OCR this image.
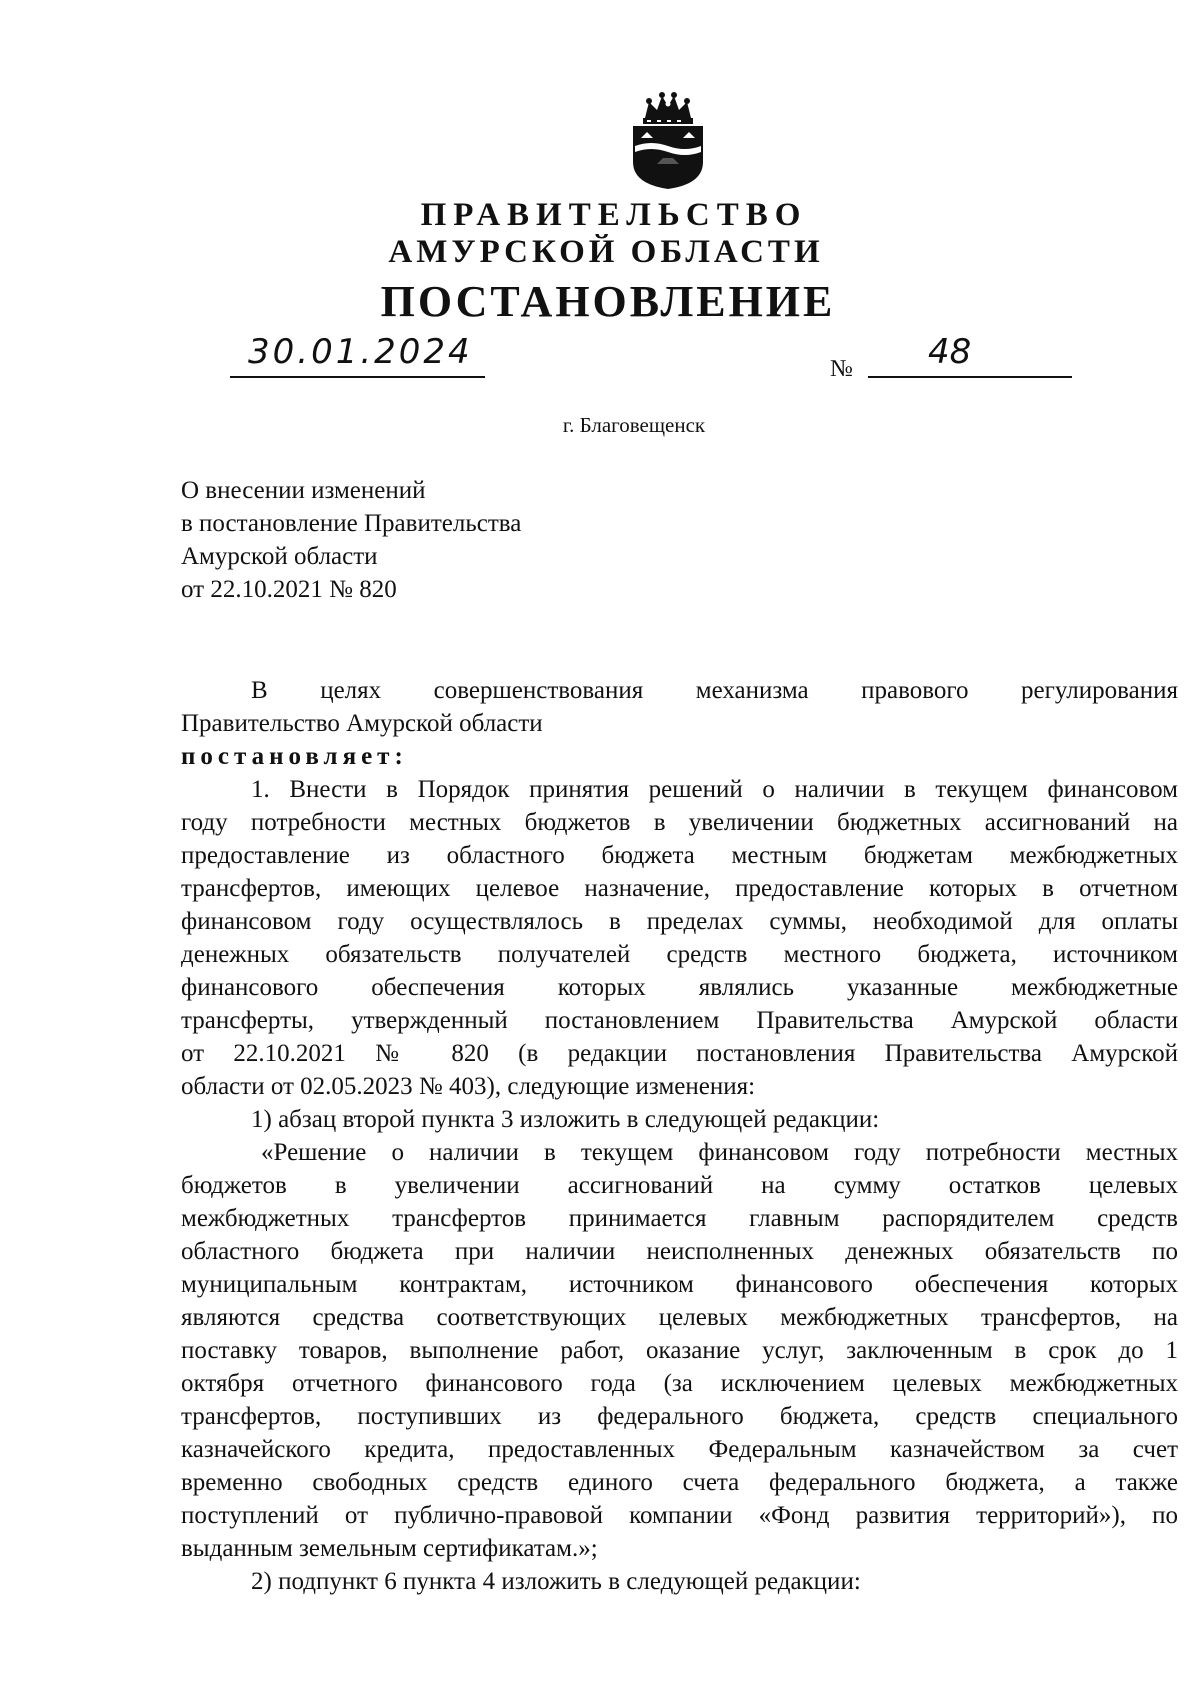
ПРАВИТЕЛЬСТВО
АМУРСКОЙ ОБЛАСТИ
ПОСТАНОВЛЕНИЕ
30.01.2024	№ 48
г. Благовещенск
О внесении изменений
в постановление Правительства
Амурской области
от 22.10.2021 № 820
В целях совершенствования механизма правового регулирования
Правительство Амурской области
постановляет:
1. Внести в Порядок принятия решений о наличии в текущем финансовом
году потребности местных бюджетов в увеличении бюджетных ассигнований на
предоставление из областного бюджета местным бюджетам межбюджетных
трансфертов, имеющих целевое назначение, предоставление которых в отчетном
финансовом году осуществлялось в пределах суммы, необходимой для оплаты
денежных обязательств получателей средств местного бюджета, источником
финансового обеспечения которых являлись указанные межбюджетные
трансферты, утвержденный постановлением Правительства Амурской области
от 22.10.2021 № 820 (в редакции постановления Правительства Амурской
области от 02.05.2023 № 403), следующие изменения:
1) абзац второй пункта 3 изложить в следующей редакции:
«Решение о наличии в текущем финансовом году потребности местных
бюджетов в увеличении ассигнований на сумму остатков целевых
межбюджетных трансфертов принимается главным распорядителем средств
областного бюджета при наличии неисполненных денежных обязательств по
муниципальным контрактам, источником финансового обеспечения которых
являются средства соответствующих целевых межбюджетных трансфертов, на
поставку товаров, выполнение работ, оказание услуг, заключенным в срок до 1
октября отчетного финансового года (за исключением целевых межбюджетных
трансфертов, поступивших из федерального бюджета, средств специального
казначейского кредита, предоставленных Федеральным казначейством за счет
временно свободных средств единого счета федерального бюджета, а также
поступлений от публично-правовой компании «Фонд развития территорий»), по
выданным земельным сертификатам.»;
2) подпункт 6 пункта 4 изложить в следующей редакции:
